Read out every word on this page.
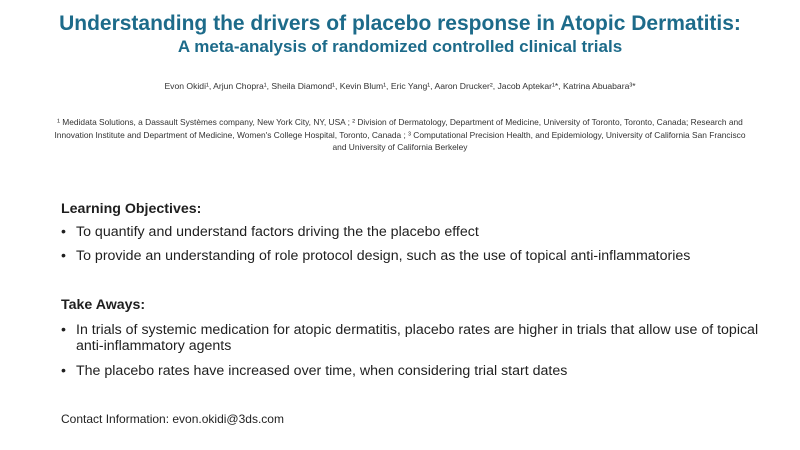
Understanding the drivers of placebo response in Atopic Dermatitis:
A meta-analysis of randomized controlled clinical trials
Evon Okidi¹, Arjun Chopra¹, Sheila Diamond¹, Kevin Blum¹, Eric Yang¹, Aaron Drucker², Jacob Aptekar¹*, Katrina Abuabara³*
¹ Medidata Solutions, a Dassault Systèmes company, New York City, NY, USA ; ² Division of Dermatology, Department of Medicine, University of Toronto, Toronto, Canada; Research and Innovation Institute and Department of Medicine, Women's College Hospital, Toronto, Canada ; ³ Computational Precision Health, and Epidemiology, University of California San Francisco and University of California Berkeley
Learning Objectives:
• To quantify and understand factors driving the the placebo effect
• To provide an understanding of role protocol design, such as the use of topical anti-inflammatories
Take Aways:
• In trials of systemic medication for atopic dermatitis, placebo rates are higher in trials that allow use of topical anti-inflammatory agents
• The placebo rates have increased over time, when considering trial start dates
Contact Information: evon.okidi@3ds.com
